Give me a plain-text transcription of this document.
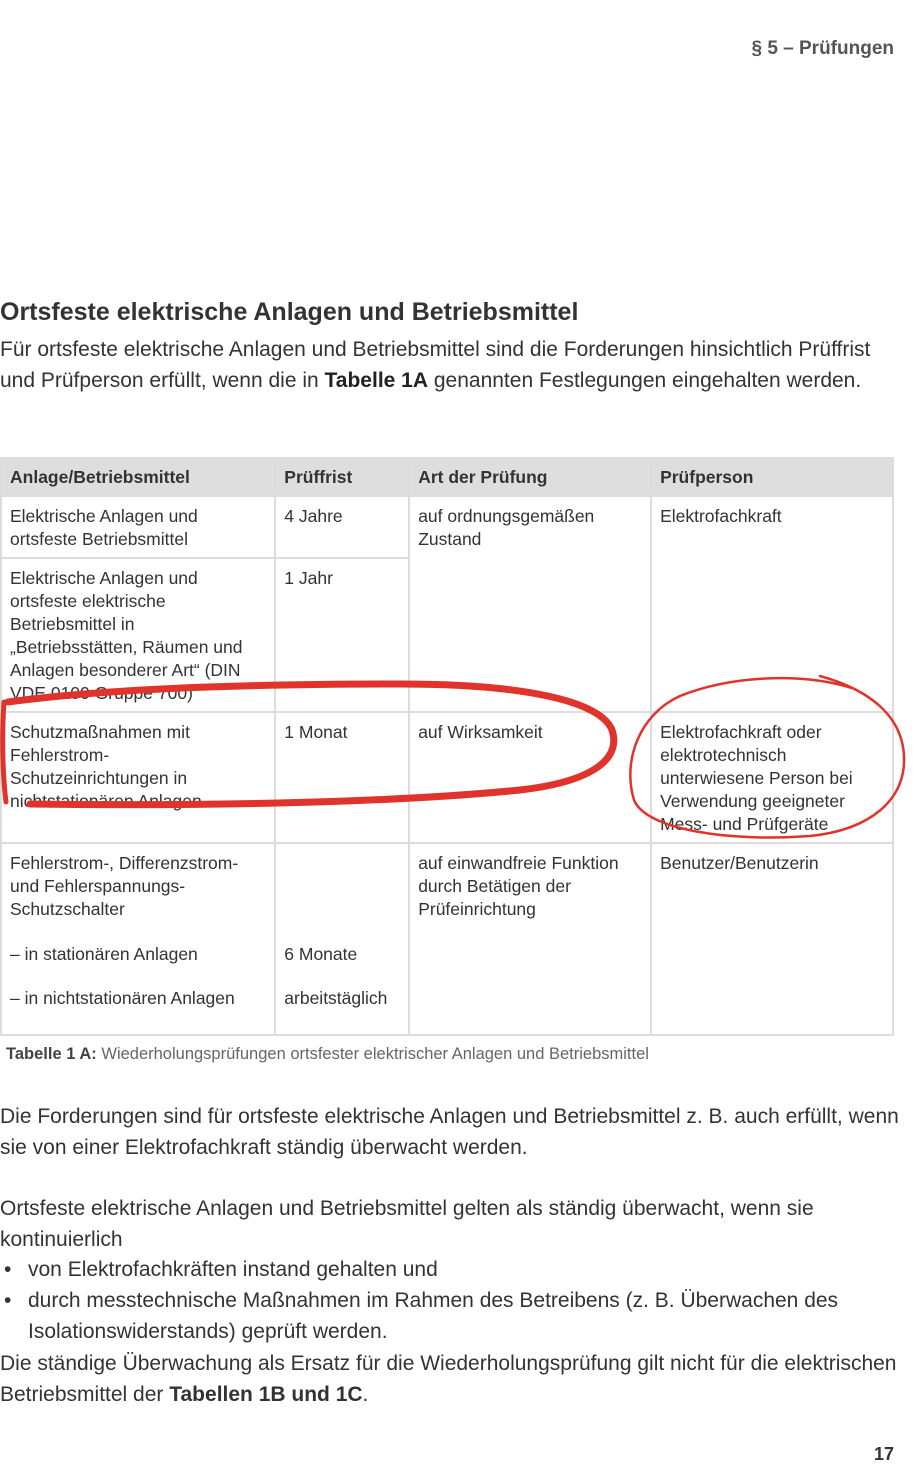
§ 5 – Prüfungen
Ortsfeste elektrische Anlagen und Betriebsmittel

Für ortsfeste elektrische Anlagen und Betriebsmittel sind die Forderungen hinsichtlich Prüffrist und Prüfperson erfüllt, wenn die in Tabelle 1A genannten Festlegungen eingehalten werden.

Anlage/Betriebsmittel	Prüffrist	Art der Prüfung	Prüfperson
Elektrische Anlagen und ortsfeste Betriebsmittel	4 Jahre	auf ordnungsgemäßen Zustand	Elektrofachkraft
Elektrische Anlagen und ortsfeste elektrische Betriebsmittel in „Betriebsstätten, Räumen und Anlagen besonderer Art“ (DIN VDE 0100 Gruppe 700)	1 Jahr		
Schutzmaßnahmen mit Fehlerstrom-Schutzeinrichtungen in nichtstationären Anlagen	1 Monat	auf Wirksamkeit	Elektrofachkraft oder elektrotechnisch unterwiesene Person bei Verwendung geeigneter Mess- und Prüfgeräte
Fehlerstrom-, Differenzstrom- und Fehlerspannungs-Schutzschalter		auf einwandfreie Funktion durch Betätigen der Prüfeinrichtung	Benutzer/Benutzerin
– in stationären Anlagen	6 Monate		
– in nichtstationären Anlagen	arbeitstäglich		

Tabelle 1 A: Wiederholungsprüfungen ortsfester elektrischer Anlagen und Betriebsmittel

Die Forderungen sind für ortsfeste elektrische Anlagen und Betriebsmittel z. B. auch erfüllt, wenn sie von einer Elektrofachkraft ständig überwacht werden.

Ortsfeste elektrische Anlagen und Betriebsmittel gelten als ständig überwacht, wenn sie kontinuierlich

• von Elektrofachkräften instand gehalten und
• durch messtechnische Maßnahmen im Rahmen des Betreibens (z. B. Überwachen des Isolationswiderstands) geprüft werden.

Die ständige Überwachung als Ersatz für die Wiederholungsprüfung gilt nicht für die elektrischen Betriebsmittel der Tabellen 1B und 1C.

17
